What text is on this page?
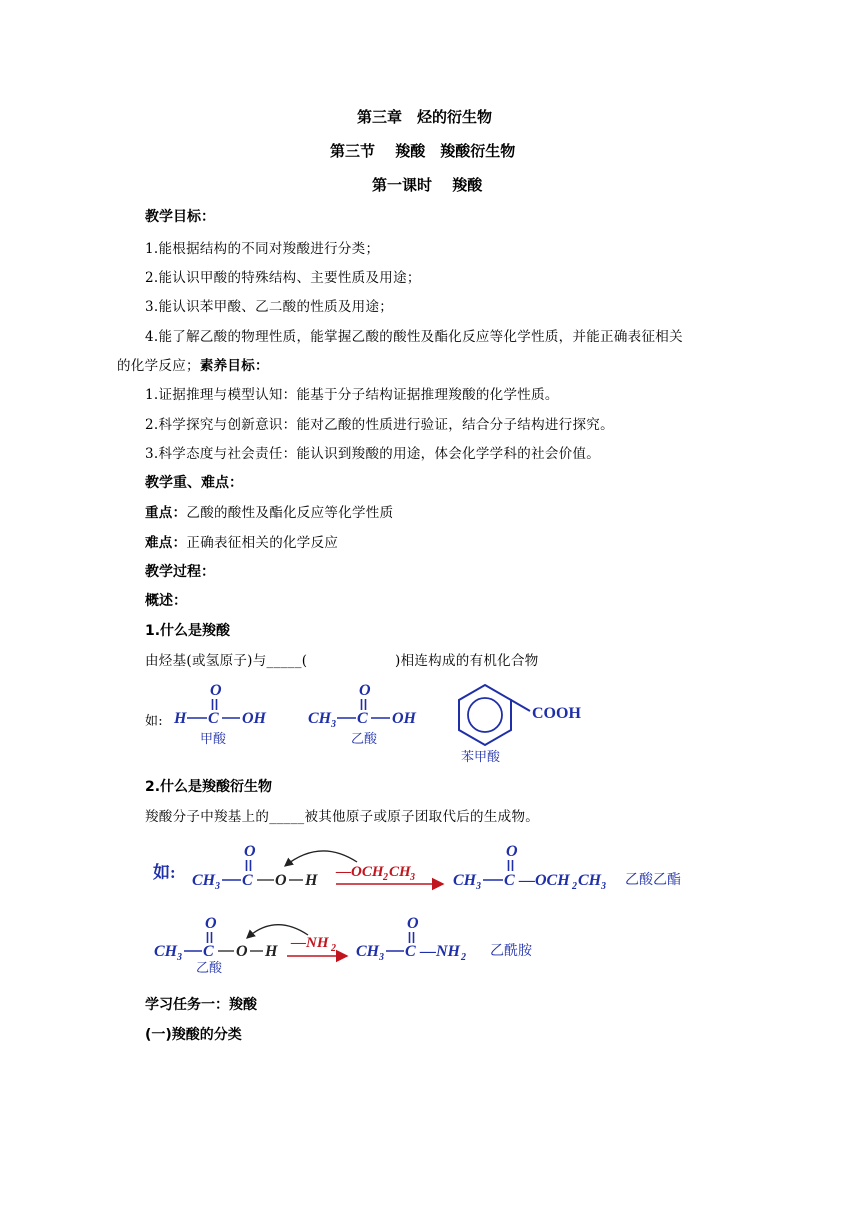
第三章　烃的衍生物
第三节　 羧酸　羧酸衍生物
第一课时　 羧酸
教学目标：
1.能根据结构的不同对羧酸进行分类；
2.能认识甲酸的特殊结构、主要性质及用途；
3.能认识苯甲酸、乙二酸的性质及用途；
4.能了解乙酸的物理性质，能掌握乙酸的酸性及酯化反应等化学性质，并能正确表征相关
的化学反应；素养目标：
1.证据推理与模型认知：能基于分子结构证据推理羧酸的化学性质。
2.科学探究与创新意识：能对乙酸的性质进行验证，结合分子结构进行探究。
3.科学态度与社会责任：能认识到羧酸的用途，体会化学学科的社会价值。
教学重、难点：
重点：乙酸的酸性及酯化反应等化学性质
难点：正确表征相关的化学反应
教学过程：
概述：
1.什么是羧酸
由烃基(或氢原子)与_____(	)相连构成的有机化合物
如:
O
H C OH
甲酸
O
CH 3 C OH
乙酸
COOH
苯甲酸
2.什么是羧酸衍生物
羧酸分子中羧基上的_____被其他原子或原子团取代后的生成物。
如:
O
CH 3 C O H —OCH 2 CH 3
O
CH 3 C —OCH 2 CH 3 乙酸乙酯
O
CH 3 C O H
乙酸
—NH 2
O
CH 3 C —NH 2 乙酰胺
学习任务一：羧酸
(一)羧酸的分类
